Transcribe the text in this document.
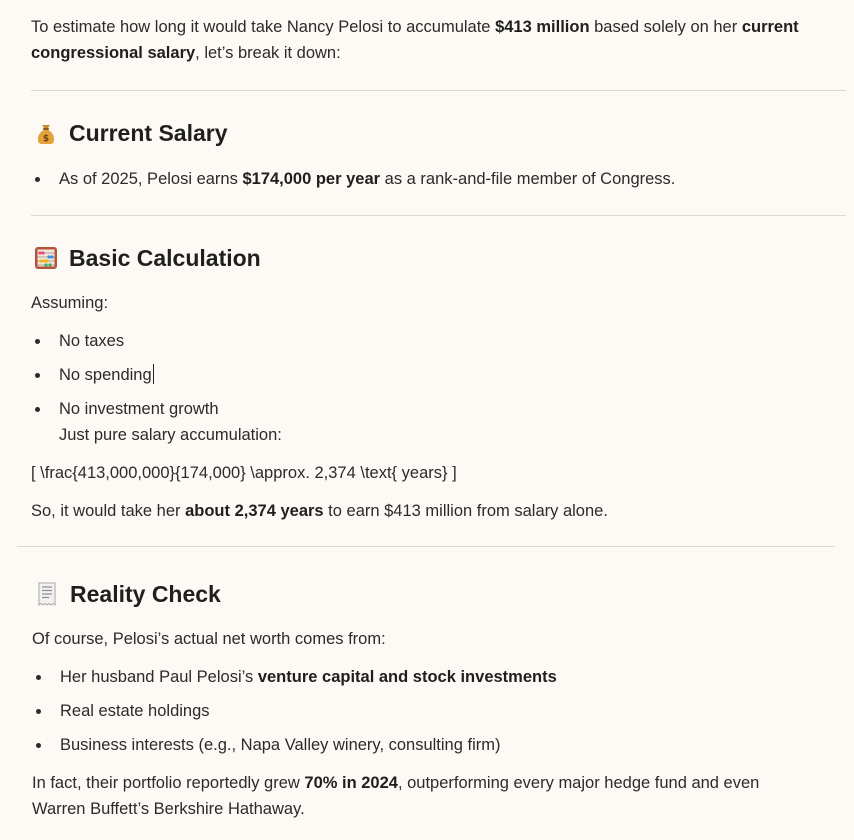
To estimate how long it would take Nancy Pelosi to accumulate $413 million based solely on her current

congressional salary, let’s break it down:

$ Current Salary
As of 2025, Pelosi earns $174,000 per year as a rank-and-file member of Congress.
Basic Calculation

Assuming:

No taxes
No spending
No investment growth
Just pure salary accumulation:

[ \frac{413,000,000}{174,000} \approx. 2,374 \text{ years} ]

So, it would take her about 2,374 years to earn $413 million from salary alone.

Reality Check

Of course, Pelosi’s actual net worth comes from:

Her husband Paul Pelosi’s venture capital and stock investments
Real estate holdings
Business interests (e.g., Napa Valley winery, consulting firm)

In fact, their portfolio reportedly grew 70% in 2024, outperforming every major hedge fund and even

Warren Buffett’s Berkshire Hathaway.
